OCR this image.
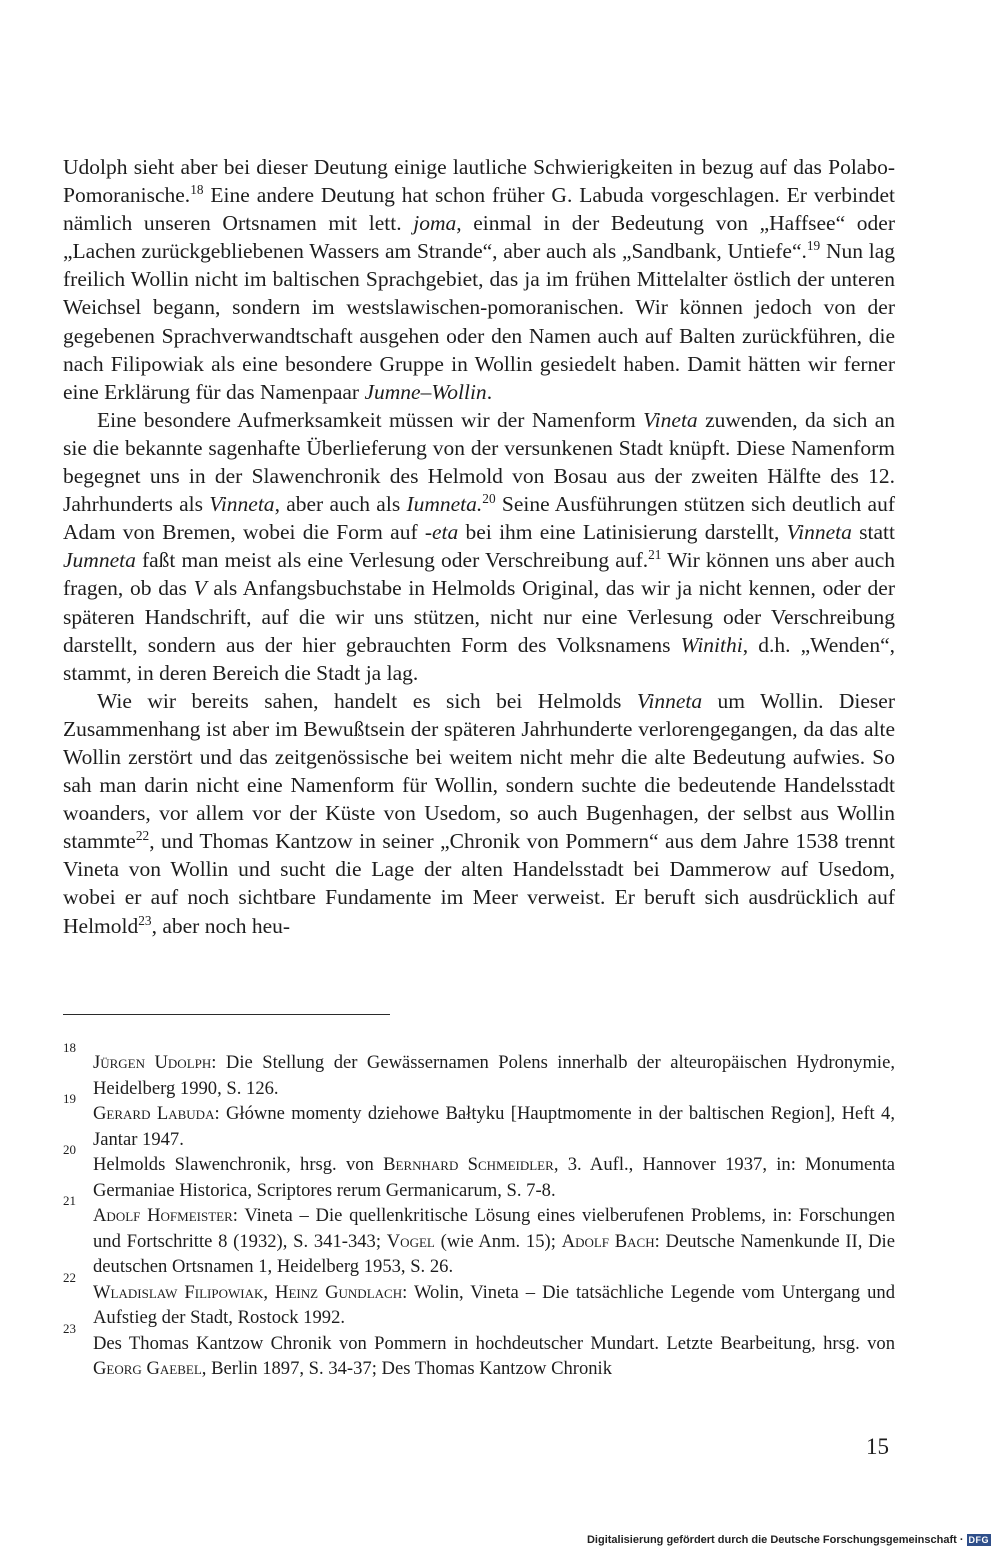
Udolph sieht aber bei dieser Deutung einige lautliche Schwierigkeiten in bezug auf das Polabo-Pomoranische.$^{18}$ Eine andere Deutung hat schon früher G. Labuda vorgeschlagen. Er verbindet nämlich unseren Ortsnamen mit lett. joma, einmal in der Bedeutung von „Haffsee“ oder „Lachen zurückgebliebenen Wassers am Strande“, aber auch als „Sandbank, Untiefe“.$^{19}$ Nun lag freilich Wollin nicht im baltischen Sprachgebiet, das ja im frühen Mittelalter östlich der unteren Weichsel begann, sondern im westslawischen-pomoranischen. Wir können jedoch von der gegebenen Sprachverwandtschaft ausgehen oder den Namen auch auf Balten zurückführen, die nach Filipowiak als eine besondere Gruppe in Wollin gesiedelt haben. Damit hätten wir ferner eine Erklärung für das Namenpaar Jumne–Wollin.

Eine besondere Aufmerksamkeit müssen wir der Namenform Vineta zuwenden, da sich an sie die bekannte sagenhafte Überlieferung von der versunkenen Stadt knüpft. Diese Namenform begegnet uns in der Slawenchronik des Helmold von Bosau aus der zweiten Hälfte des 12. Jahrhunderts als Vinneta, aber auch als Iumneta.$^{20}$ Seine Ausführungen stützen sich deutlich auf Adam von Bremen, wobei die Form auf -eta bei ihm eine Latinisierung darstellt, Vinneta statt Jumneta faßt man meist als eine Verlesung oder Verschreibung auf.$^{21}$ Wir können uns aber auch fragen, ob das V als Anfangsbuchstabe in Helmolds Original, das wir ja nicht kennen, oder der späteren Handschrift, auf die wir uns stützen, nicht nur eine Verlesung oder Verschreibung darstellt, sondern aus der hier gebrauchten Form des Volksnamens Winithi, d.h. „Wenden“, stammt, in deren Bereich die Stadt ja lag.

Wie wir bereits sahen, handelt es sich bei Helmolds Vinneta um Wollin. Dieser Zusammenhang ist aber im Bewußtsein der späteren Jahrhunderte verlorengegangen, da das alte Wollin zerstört und das zeitgenössische bei weitem nicht mehr die alte Bedeutung aufwies. So sah man darin nicht eine Namenform für Wollin, sondern suchte die bedeutende Handelsstadt woanders, vor allem vor der Küste von Usedom, so auch Bugenhagen, der selbst aus Wollin stammte$^{22}$, und Thomas Kantzow in seiner „Chronik von Pommern“ aus dem Jahre 1538 trennt Vineta von Wollin und sucht die Lage der alten Handelsstadt bei Dammerow auf Usedom, wobei er auf noch sichtbare Fundamente im Meer verweist. Er beruft sich ausdrücklich auf Helmold$^{23}$, aber noch heu-

18
Jürgen Udolph: Die Stellung der Gewässernamen Polens innerhalb der alteuropäischen Hydronymie, Heidelberg 1990, S. 126.

19
Gerard Labuda: Główne momenty dziehowe Bałtyku [Hauptmomente in der baltischen Region], Heft 4, Jantar 1947.

20
Helmolds Slawenchronik, hrsg. von Bernhard Schmeidler, 3. Aufl., Hannover 1937, in: Monumenta Germaniae Historica, Scriptores rerum Germanicarum, S. 7-8.

21
Adolf Hofmeister: Vineta – Die quellenkritische Lösung eines vielberufenen Problems, in: Forschungen und Fortschritte 8 (1932), S. 341-343; Vogel (wie Anm. 15); Adolf Bach: Deutsche Namenkunde II, Die deutschen Ortsnamen 1, Heidelberg 1953, S. 26.

22
Wladislaw Filipowiak, Heinz Gundlach: Wolin, Vineta – Die tatsächliche Legende vom Untergang und Aufstieg der Stadt, Rostock 1992.

23
Des Thomas Kantzow Chronik von Pommern in hochdeutscher Mundart. Letzte Bearbeitung, hrsg. von Georg Gaebel, Berlin 1897, S. 34-37; Des Thomas Kantzow Chronik

15
Digitalisierung gefördert durch die Deutsche Forschungsgemeinschaft · DFG
